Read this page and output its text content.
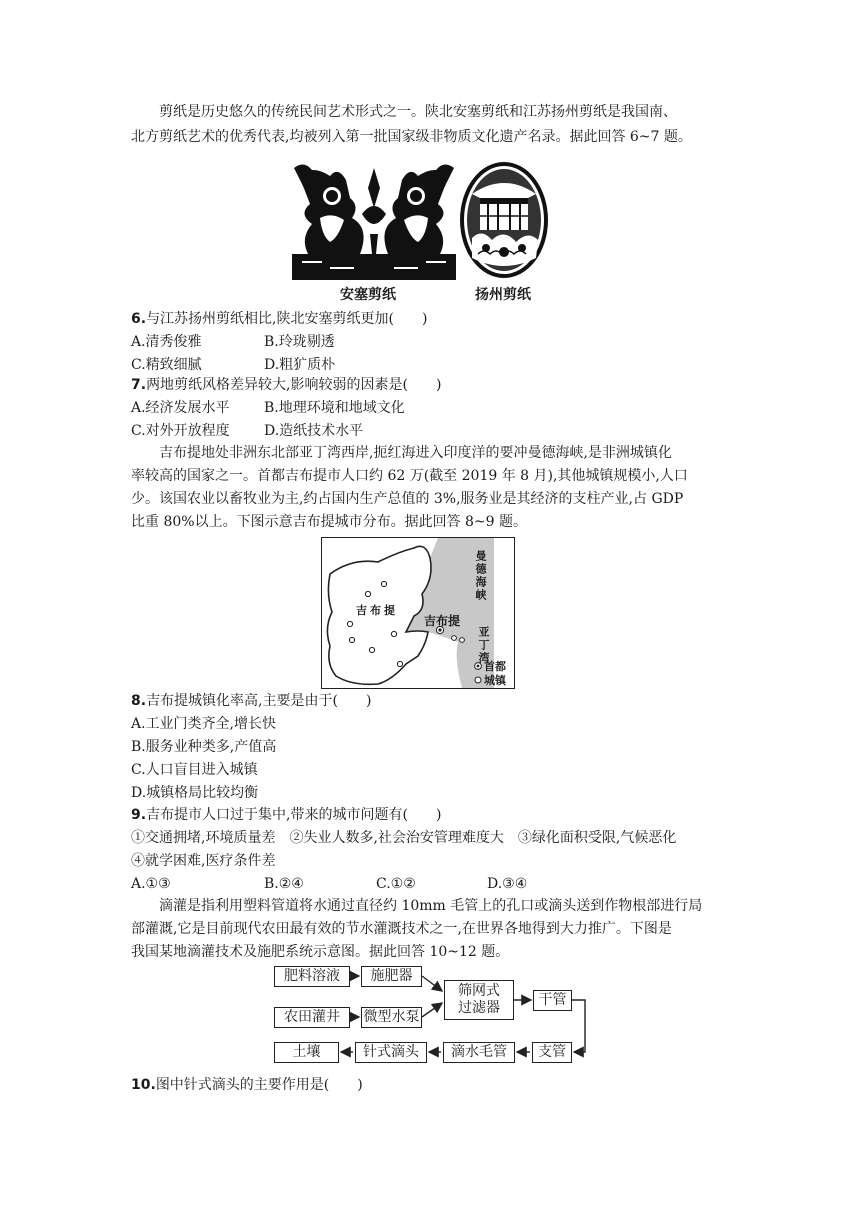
剪纸是历史悠久的传统民间艺术形式之一。陕北安塞剪纸和江苏扬州剪纸是我国南、
北方剪纸艺术的优秀代表,均被列入第一批国家级非物质文化遗产名录。据此回答 6~7 题。
安塞剪纸	扬州剪纸
6.与江苏扬州剪纸相比,陕北安塞剪纸更加(　　)
A.清秀俊雅	B.玲珑剔透
C.精致细腻	D.粗犷质朴
7.两地剪纸风格差异较大,影响较弱的因素是(　　)
A.经济发展水平 B.地理环境和地域文化
C.对外开放程度 D.造纸技术水平
吉布提地处非洲东北部亚丁湾西岸,扼红海进入印度洋的要冲曼德海峡,是非洲城镇化
率较高的国家之一。首都吉布提市人口约 62 万(截至 2019 年 8 月),其他城镇规模小,人口
少。该国农业以畜牧业为主,约占国内生产总值的 3%,服务业是其经济的支柱产业,占 GDP
比重 80%以上。下图示意吉布提城市分布。据此回答 8~9 题。
吉布提
吉布提
曼德海峡
亚丁湾
首都
城镇
8.吉布提城镇化率高,主要是由于(　　)
A.工业门类齐全,增长快
B.服务业种类多,产值高
C.人口盲目进入城镇
D.城镇格局比较均衡
9.吉布提市人口过于集中,带来的城市问题有(　　)
①交通拥堵,环境质量差　②失业人数多,社会治安管理难度大　③绿化面积受限,气候恶化
④就学困难,医疗条件差
A.①③	B.②④	C.①②	D.③④
滴灌是指利用塑料管道将水通过直径约 10mm 毛管上的孔口或滴头送到作物根部进行局
部灌溉,它是目前现代农田最有效的节水灌溉技术之一,在世界各地得到大力推广。下图是
我国某地滴灌技术及施肥系统示意图。据此回答 10~12 题。
肥料溶液	施肥器
农田灌井	微型水泵
筛网式
过滤器	干管
支管
滴水毛管
针式滴头
土壤
10.图中针式滴头的主要作用是(　　)
